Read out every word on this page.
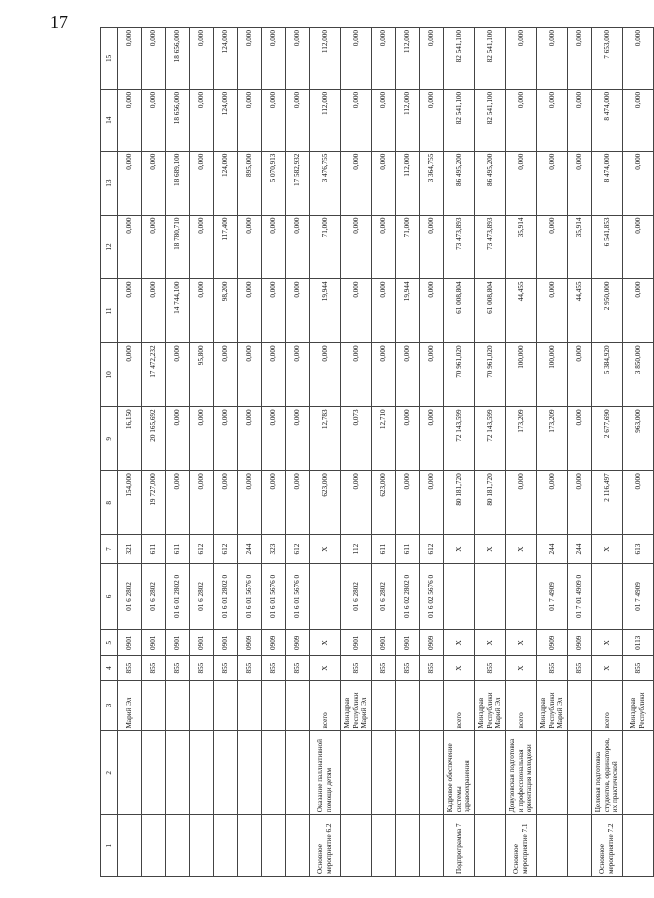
17
1	2	3	4	5	6	7	8	9	10	11	12	13	14	15
		Марий Эл	855	0901	01 6 2802	321	154,000	16,150	0,000	0,000	0,000	0,000	0,000	0,000
			855	0901	01 6 2802	611	19 727,000	20 165,692	17 472,232	0,000	0,000	0,000	0,000	0,000
			855	0901	01 6 01 2802 0	611	0,000	0,000	0,000	14 744,100	18 780,710	18 689,100	18 656,000	18 656,000
			855	0901	01 6 2802	612	0,000	0,000	95,800	0,000	0,000	0,000	0,000	0,000
			855	0901	01 6 01 2802 0	612	0,000	0,000	0,000	98,200	117,400	124,000	124,000	124,000
			855	0909	01 6 01 5676 0	244	0,000	0,000	0,000	0,000	0,000	895,000	0,000	0,000
			855	0909	01 6 01 5676 0	323	0,000	0,000	0,000	0,000	0,000	5 070,913	0,000	0,000
			855	0909	01 6 01 5676 0	612	0,000	0,000	0,000	0,000	0,000	17 582,932	0,000	0,000
Основное мероприятие 6.2	Оказание паллиативной помощи детям	всего	X	X		X	623,000	12,783	0,000	19,944	71,000	3 476,755	112,000	112,000
		Минздрав Республики Марий Эл	855	0901	01 6 2802	112	0,000	0,073	0,000	0,000	0,000	0,000	0,000	0,000
			855	0901	01 6 2802	611	623,000	12,710	0,000	0,000	0,000	0,000	0,000	0,000
			855	0901	01 6 02 2802 0	611	0,000	0,000	0,000	19,944	71,000	112,000	112,000	112,000
			855	0909	01 6 02 5676 0	612	0,000	0,000	0,000	0,000	0,000	3 364,755	0,000	0,000
Подпрограмма 7	Кадровое обеспечение системы здравоохранения	всего	X	X		X	80 181,720	72 143,599	70 961,020	61 008,804	73 473,893	86 495,200	82 541,100	82 541,100
		Минздрав Республики Марий Эл	855	X		X	80 181,720	72 143,599	70 961,020	61 008,804	73 473,893	86 495,200	82 541,100	82 541,100
Основное мероприятие 7.1	Довузовская подготовка и профессиональная ориентация молодежи	всего	X	X		X	0,000	173,209	100,000	44,455	35,914	0,000	0,000	0,000
		Минздрав Республики Марий Эл	855	0909	01 7 4909	244	0,000	173,209	100,000	0,000	0,000	0,000	0,000	0,000
			855	0909	01 7 01 4909 0	244	0,000	0,000	0,000	44,455	35,914	0,000	0,000	0,000
Основное мероприятие 7.2	Целевая подготовка студентов, ординаторов, их практической	всего	X	X		X	2 116,497	2 677,690	5 384,920	2 950,000	6 541,853	8 474,000	8 474,000	7 653,000
		Минздрав Республики	855	0113	01 7 4909	613	0,000	963,000	3 850,000	0,000	0,000	0,000	0,000	0,000
